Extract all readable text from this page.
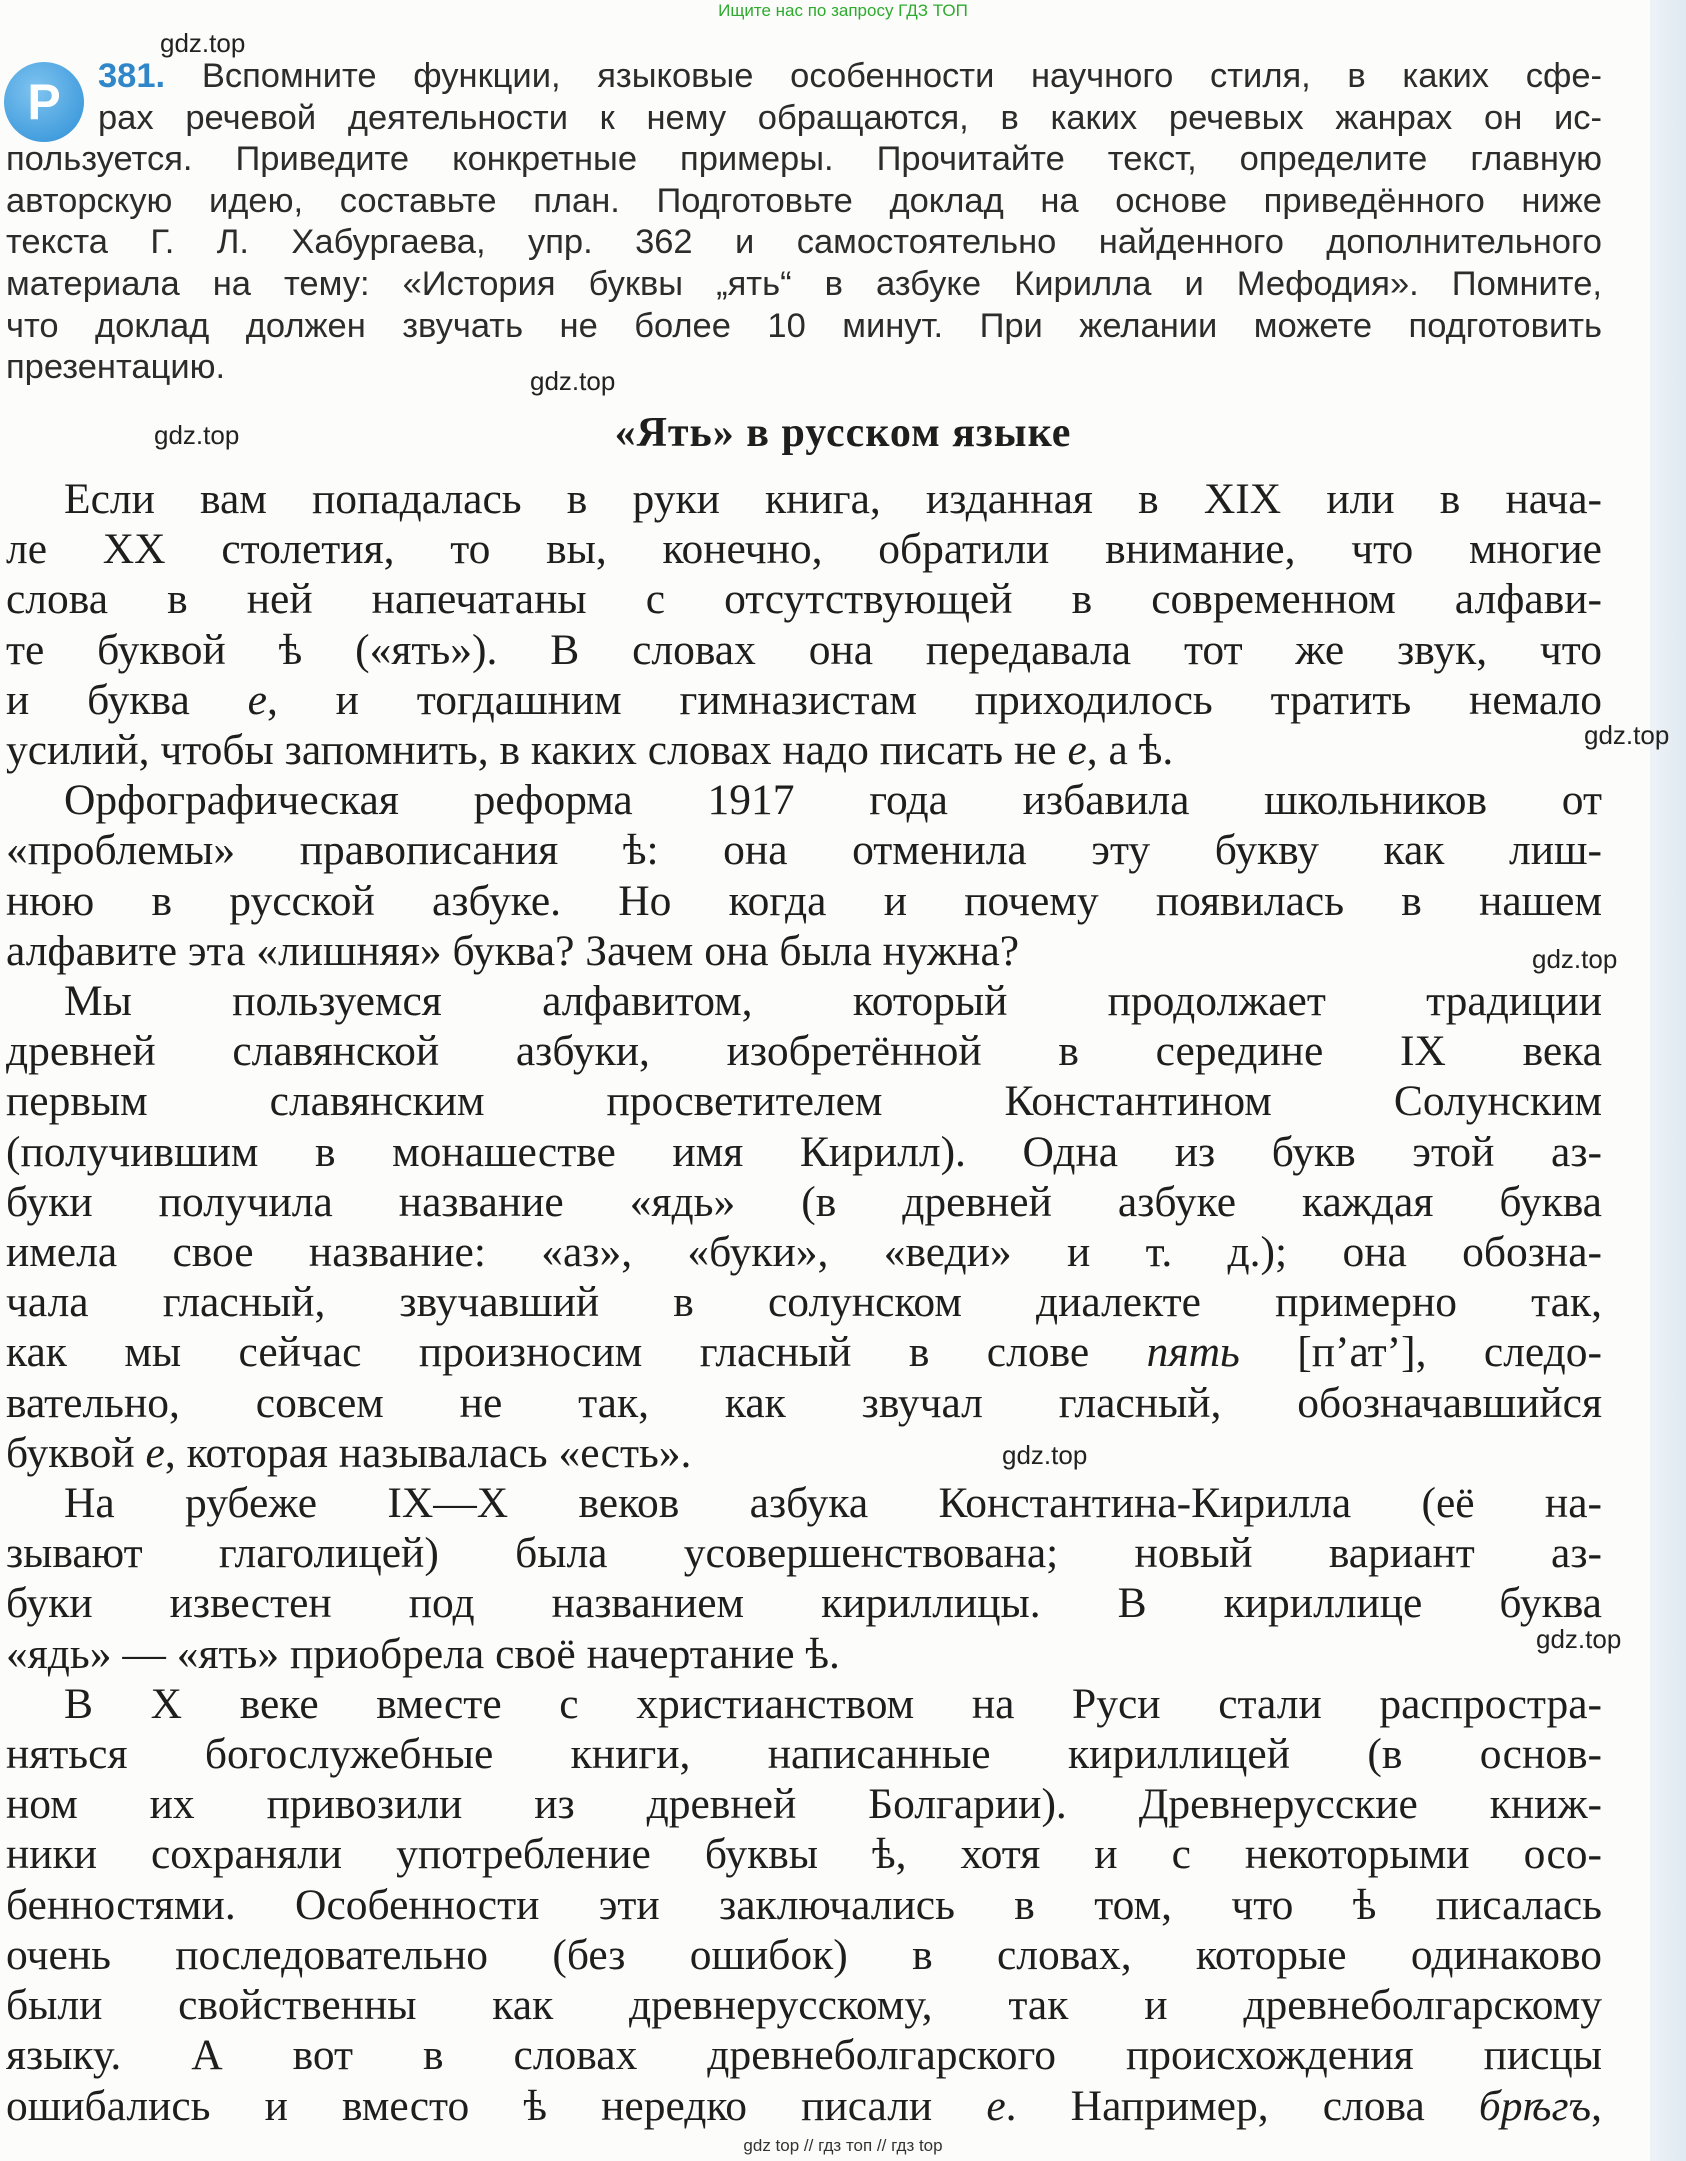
Ищите нас по запросу ГДЗ ТОП
gdz.top
gdz.top
gdz.top
gdz.top
gdz.top
gdz.top
gdz.top
Р	381. Вспомните функции, языковые особенности научного стиля, в каких сфе-
рах речевой деятельности к нему обращаются, в каких речевых жанрах он ис-
пользуется. Приведите конкретные примеры. Прочитайте текст, определите главную
авторскую идею, составьте план. Подготовьте доклад на основе приведённого ниже
текста Г. Л. Хабургаева, упр. 362 и самостоятельно найденного дополнительного
материала на тему: «История буквы „ять“ в азбуке Кирилла и Мефодия». Помните,
что доклад должен звучать не более 10 минут. При желании можете подготовить
презентацию.
«Ять» в русском языке
Если вам попадалась в руки книга, изданная в XIX или в нача-
ле XX столетия, то вы, конечно, обратили внимание, что многие
слова в ней напечатаны с отсутствующей в современном алфави-
те буквой ѣ («ять»). В словах она передавала тот же звук, что
и буква е, и тогдашним гимназистам приходилось тратить немало
усилий, чтобы запомнить, в каких словах надо писать не е, а ѣ.
Орфографическая реформа 1917 года избавила школьников от
«проблемы» правописания ѣ: она отменила эту букву как лиш-
нюю в русской азбуке. Но когда и почему появилась в нашем
алфавите эта «лишняя» буква? Зачем она была нужна?
Мы пользуемся алфавитом, который продолжает традиции
древней славянской азбуки, изобретённой в середине IX века
первым славянским просветителем Константином Солунским
(получившим в монашестве имя Кирилл). Одна из букв этой аз-
буки получила название «ядь» (в древней азбуке каждая буква
имела свое название: «аз», «буки», «веди» и т. д.); она обозна-
чала гласный, звучавший в солунском диалекте примерно так,
как мы сейчас произносим гласный в слове пять [п’ат’], следо-
вательно, совсем не так, как звучал гласный, обозначавшийся
буквой е, которая называлась «есть».
На рубеже IX—X веков азбука Константина-Кирилла (её на-
зывают глаголицей) была усовершенствована; новый вариант аз-
буки известен под названием кириллицы. В кириллице буква
«ядь» — «ять» приобрела своё начертание ѣ.
В X веке вместе с христианством на Руси стали распростра-
няться богослужебные книги, написанные кириллицей (в основ-
ном их привозили из древней Болгарии). Древнерусские книж-
ники сохраняли употребление буквы ѣ, хотя и с некоторыми осо-
бенностями. Особенности эти заключались в том, что ѣ писалась
очень последовательно (без ошибок) в словах, которые одинаково
были свойственны как древнерусскому, так и древнеболгарскому
языку. А вот в словах древнеболгарского происхождения писцы
ошибались и вместо ѣ нередко писали е. Например, слова брѣгъ,
gdz top // гдз топ // гдз top
